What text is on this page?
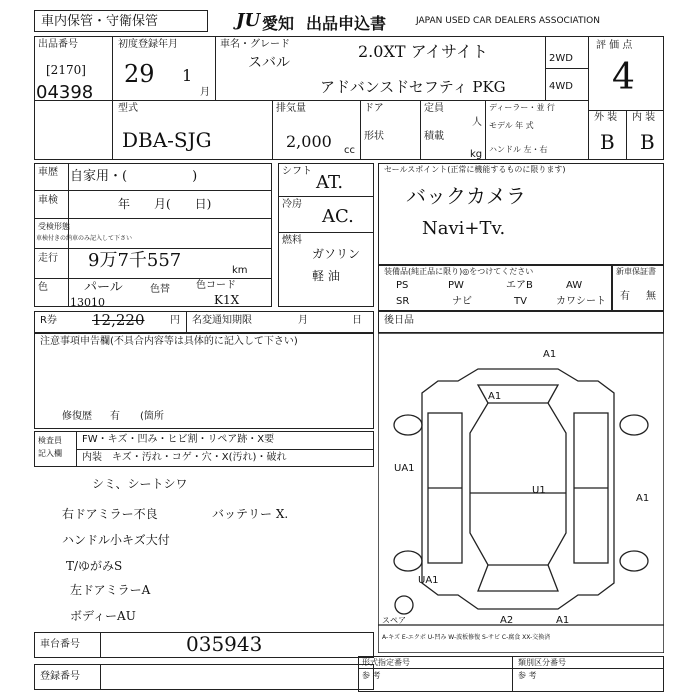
車内保管・守衛保管	JU 愛知 出品申込書	JAPAN USED CAR DEALERS ASSOCIATION
出品番号
[2170]
04398
初度登録年月
29 1
月
車名・グレード
スバル
2.0XT アイサイト
アドバンスドセフティ PKG
2WD
4WD
評 価 点
4
外 装 内 装
B B
型式
DBA-SJG
排気量
2,000 cc
ドア
形状
定員
人
積載
kg
ディーラー・並 行
モデル 年 式
ハンドル 左・右
車歴 自家用・(　　　　　)
車検	年　　月(　　日)
受検形態
車検付きの納車のみ記入して下さい
走行 9万7千557	km
色	パール
13010
色替	色コード
K1X
シフト
AT.
冷房
AC.
燃料
ガソリン
軽 油
セールスポイント(正常に機能するものに限ります)
バックカメラ
Navi+Tv.
装備品(純正品に限り)◎をつけてください
PS	PW	エアB	AW
SR	ナビ	TV	カワシート
新車保証書
有 無
R券 12,220	円 名変通知期限	月	日 後日品
注意事項申告欄(不具合内容等は具体的に記入して下さい)
修復歴 有 (箇所
検査員 記入欄
FW・キズ・凹み・ヒビ割・リペア跡・X要
内装 キズ・汚れ・コゲ・穴・X(汚れ)・破れ
シミ、シートシワ
右ドアミラー不良
ハンドル小キズ大付
T/ゆがみS
左ドアミラーA
ボディーAU
バッテリー X.
車台番号	035943
登録番号
A1
A1
A1
UA1
U1
UA1
A2	A1
スペア
A-キズ E-エクボ U-凹み W-波板修復 S-サビ C-腐食 XX-交換済
形式指定番号	類別区分番号
参 考	参 考
